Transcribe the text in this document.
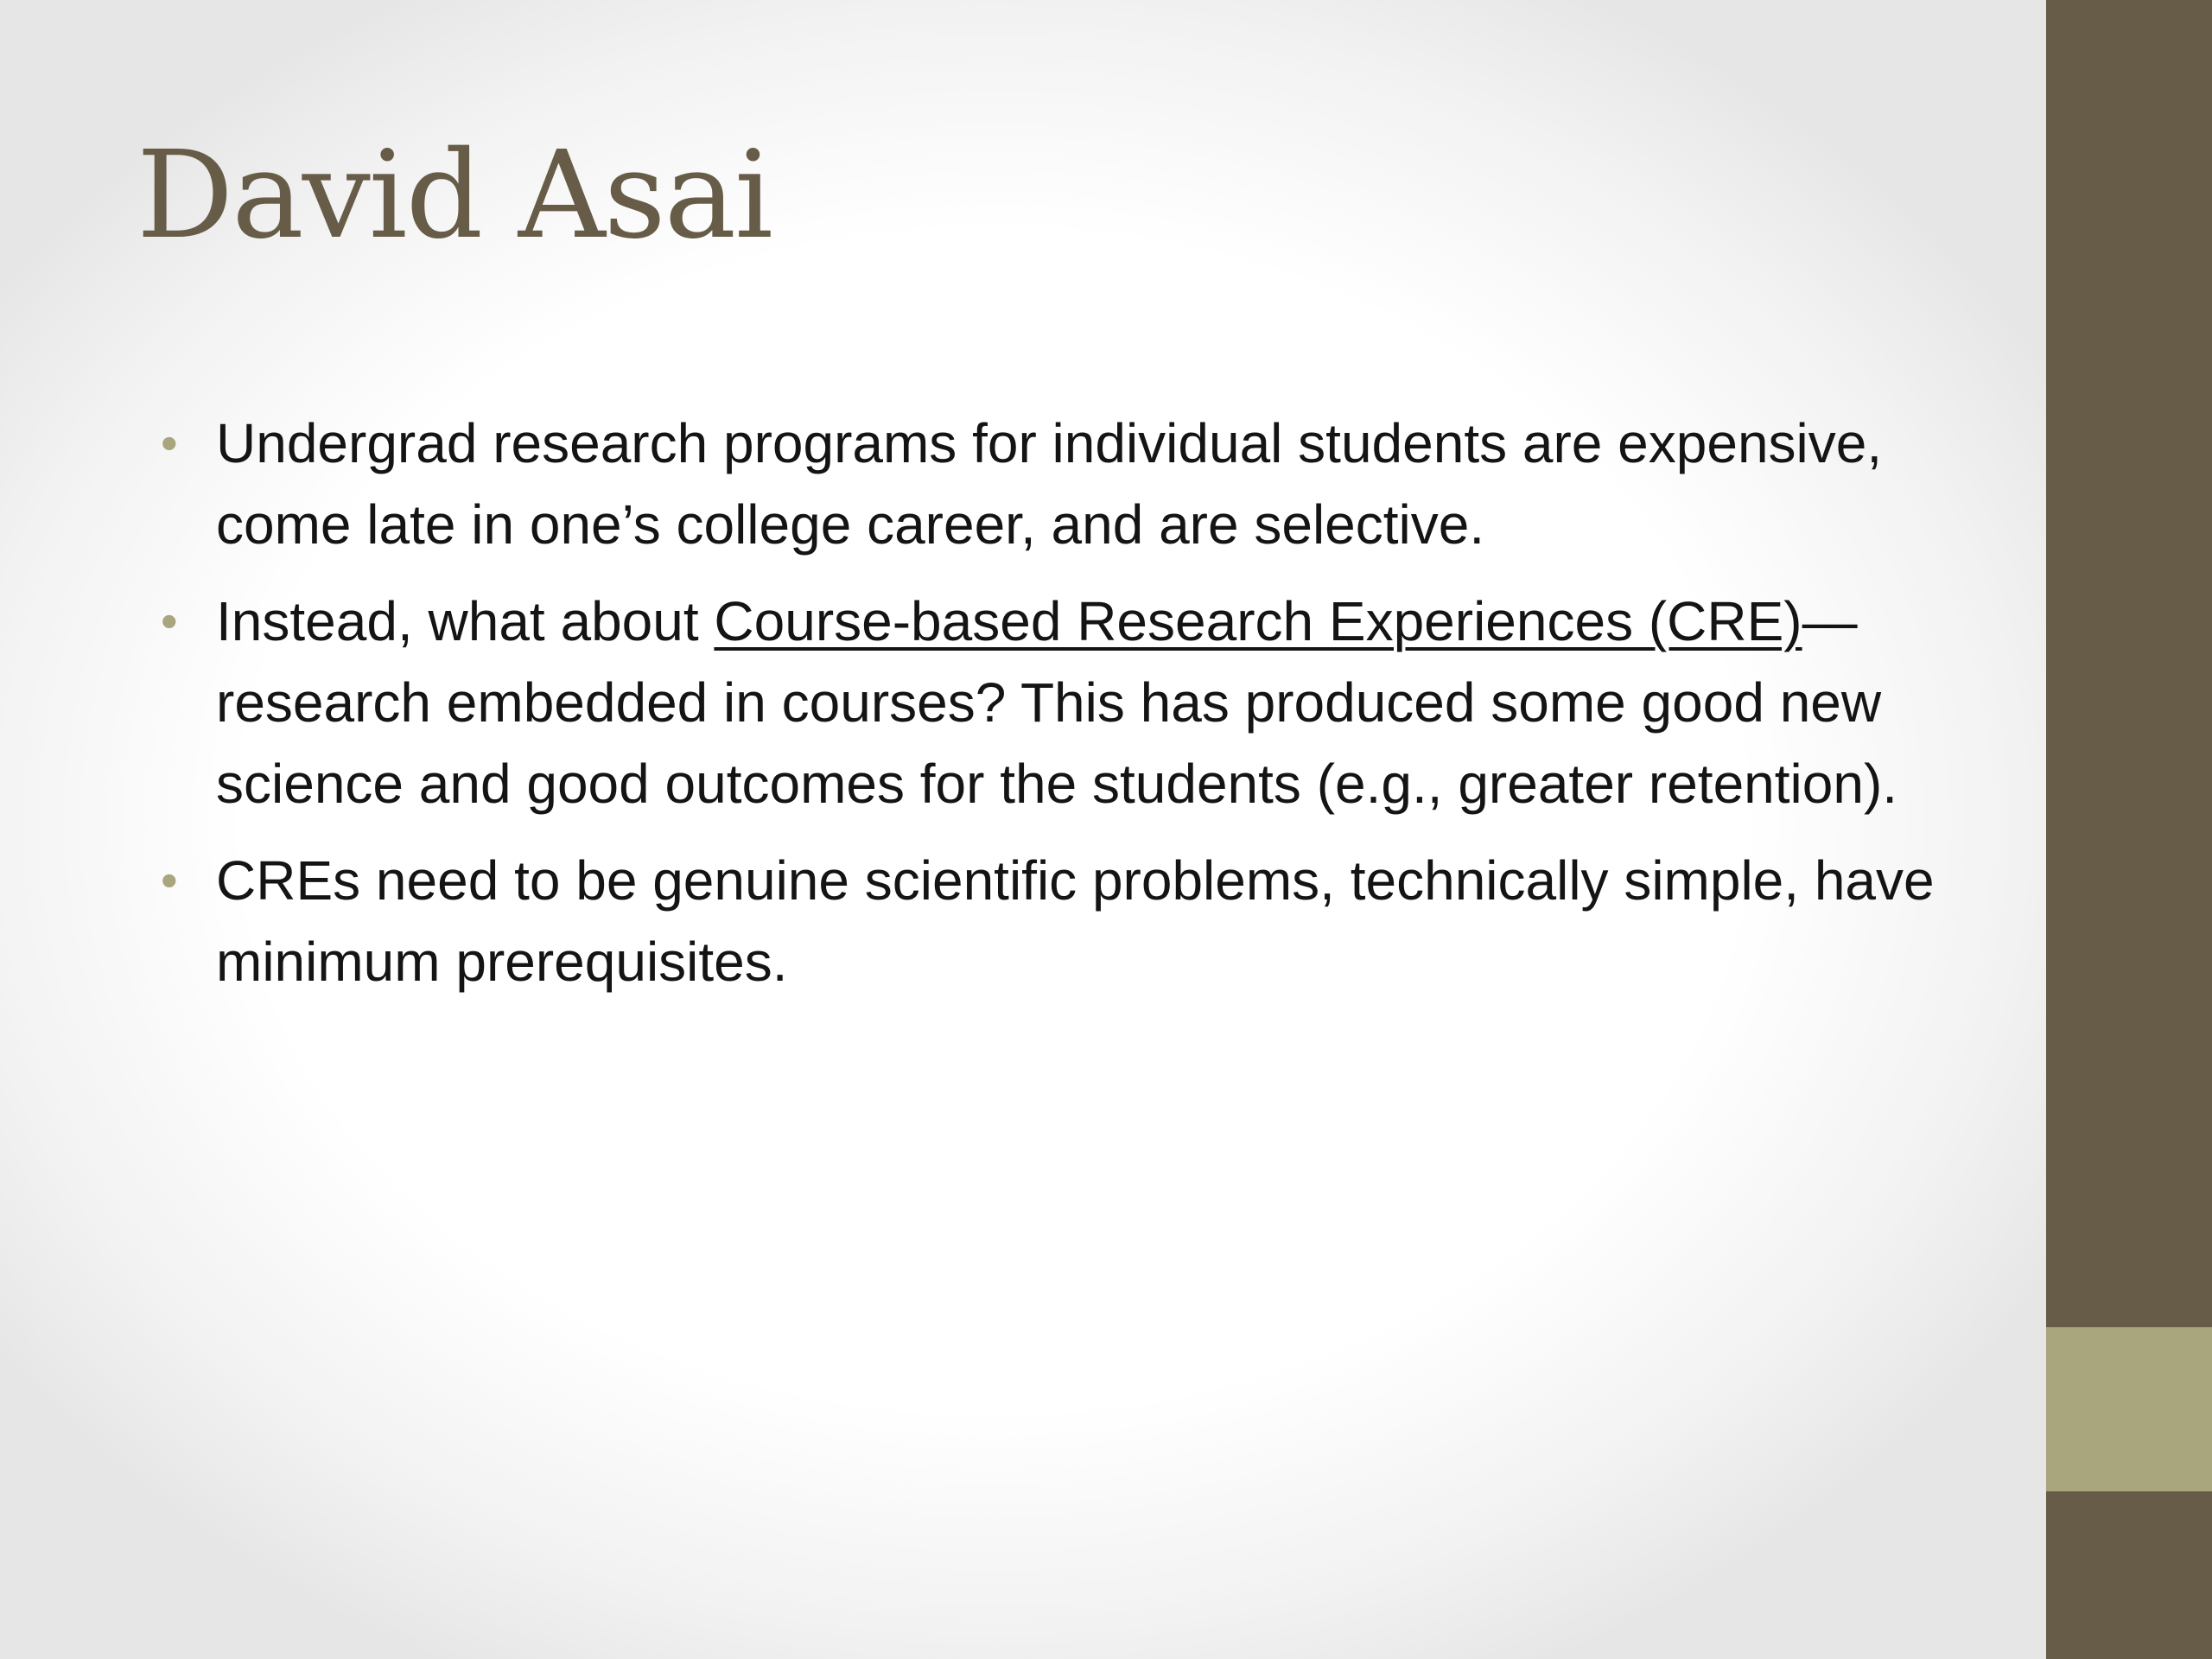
David Asai
• Undergrad research programs for individual students are expensive, come late in one’s college career, and are selective.
• Instead, what about Course-based Research Experiences (CRE)—research embedded in courses? This has produced some good new science and good outcomes for the students (e.g., greater retention).
• CREs need to be genuine scientific problems, technically simple, have minimum prerequisites.
